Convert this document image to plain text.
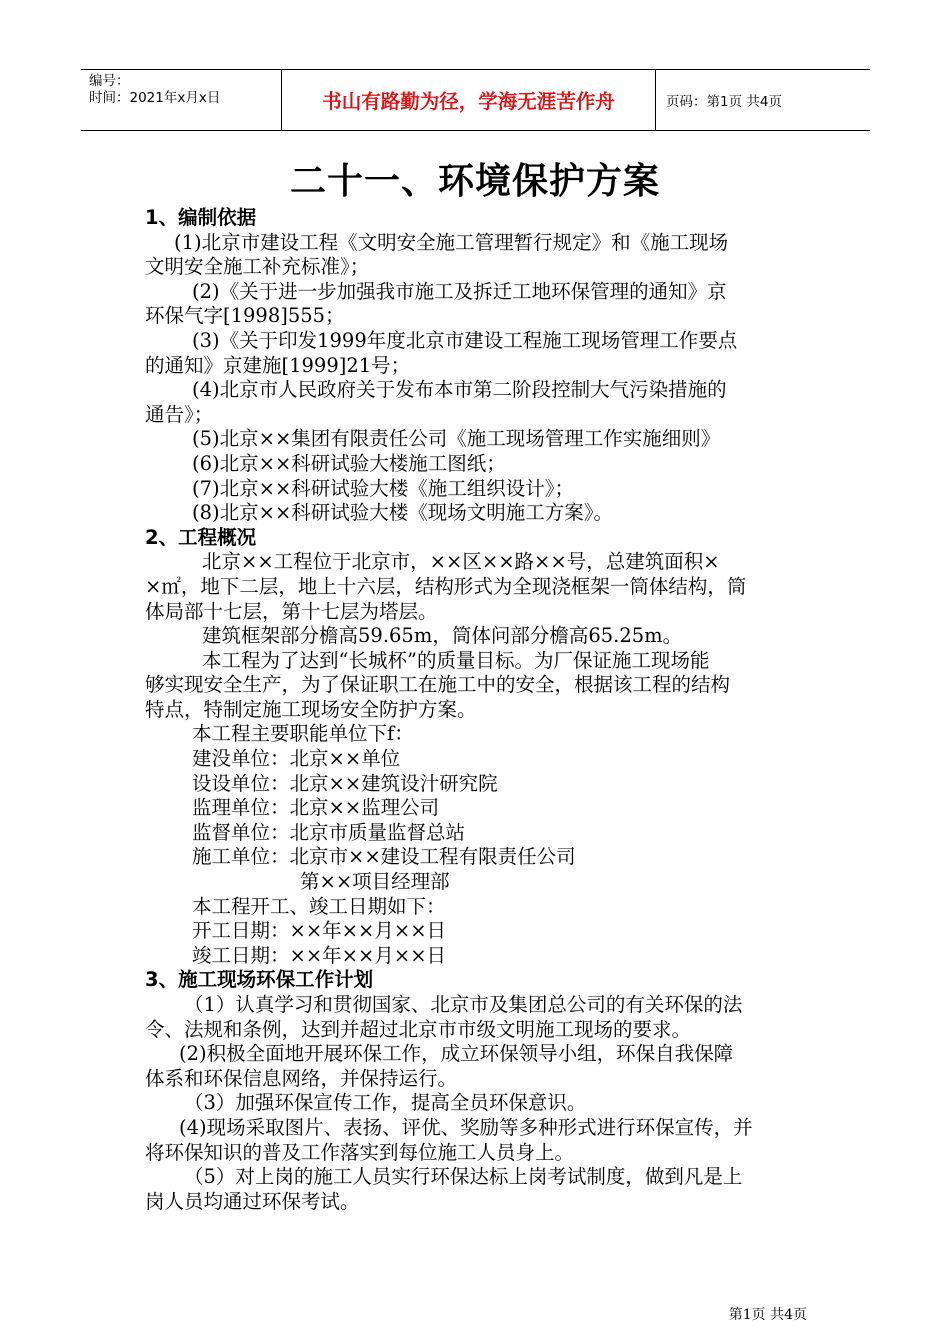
编号：
时间：2021年x月x日	书山有路勤为径，学海无涯苦作舟	页码：第1页 共4页
二十一、环境保护方案

1、编制依据

(1)北京市建设工程《文明安全施工管理暂行规定》和《施工现场

文明安全施工补充标准》；

(2)《关于进一步加强我市施工及拆迁工地环保管理的通知》京

环保气字[1998]555；

(3)《关于印发1999年度北京市建设工程施工现场管理工作要点

的通知》京建施[1999]21号；

(4)北京市人民政府关于发布本市第二阶段控制大气污染措施的

通告》；

(5)北京××集团有限责任公司《施工现场管理工作实施细则》

(6)北京××科研试验大楼施工图纸；

(7)北京××科研试验大楼《施工组织设计》；

(8)北京××科研试验大楼《现场文明施工方案》。

2、工程概况

北京××工程位于北京市，××区××路××号，总建筑面积×

×㎡，地下二层，地上十六层，结构形式为全现浇框架一筒体结构，筒

体局部十七层，第十七层为塔层。

建筑框架部分檐高59.65m，筒体问部分檐高65.25m。

本工程为了达到“长城杯”的质量目标。为厂保证施工现场能

够实现安全生产，为了保证职工在施工中的安全，根据该工程的结构

特点，特制定施工现场安全防护方案。

本工程主要职能单位下f：

建没单位：北京××单位

设设单位：北京××建筑设汁研究院

监理单位：北京××监理公司

监督单位：北京市质量监督总站

施工单位：北京市××建设工程有限责任公司

第××项目经理部

本工程开工、竣工日期如下：

开工日期：××年××月××日

竣工日期：××年××月××日

3、施工现场环保工作计划

（1）认真学习和贯彻国家、北京市及集团总公司的有关环保的法

令、法规和条例，达到并超过北京市市级文明施工现场的要求。

(2)积极全面地开展环保工作，成立环保领导小组，环保自我保障

体系和环保信息网络，并保持运行。

（3）加强环保宣传工作，提高全员环保意识。

(4)现场采取图片、表扬、评优、奖励等多种形式进行环保宣传，并

将环保知识的普及工作落实到每位施工人员身上。

（5）对上岗的施工人员实行环保达标上岗考试制度，做到凡是上

岗人员均通过环保考试。

第1页 共4页
